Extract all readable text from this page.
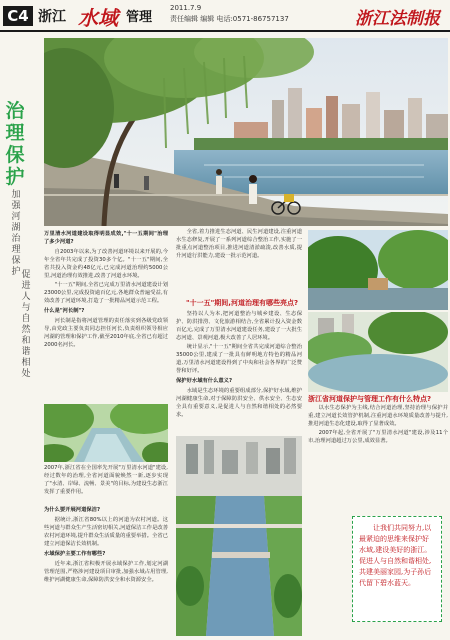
C4 浙江 水域 管理
2011.7.9
责任编辑 编辑 电话:0571-86757137	浙江法制报
治理保护
加强河湖治理保护 促进人与自然和谐相处

万里清水河道建设取得明显成效,"十一五期间"治理了多少河道?

自2003年以来,为了改善河道环境以来开展的,今年全省年共完成了投资30多个亿。"十一五"期间,全省共投入资金约48亿元,已完成河道治理约5000公里,河道治理有效推进,改善了河道水环境。

"十一五"期间,全省已完成万里清水河道建设计划23000公里,完成投资逾百亿元,各地群众普遍受益,有效改善了河道环境,打造了一批精品河道示范工程。

什么是"河长制"?

河长制是指将河道管理的责任落实到各级党政领导,由党政主要负责同志担任河长,负责组织领导相应河湖的管理和保护工作,截至2010年底,全省已有超过2000名河长。

2007年,浙江省在全国率先开展"万里清水河道"建设,经过数年的治理,全省河道面貌焕然一新,逐步实现了"水清、岸绿、流畅、景美"的目标,为建设生态浙江发挥了重要作用。

为什么要开展河道保洁?

据统计,浙江省80%以上的河道为农村河道。这些河道与群众生产生活密切相关,河道保洁工作是改善农村河道环境,提升群众生活质量的重要举措。全省已建立河道保洁长效机制。

水域保护主要工作有哪些?

近年来,浙江省积极开展水域保护工作,划定河湖管理范围,严格涉河建设项目审批,加强水域占用管理,维护河湖健康生命,保障防洪安全和水资源安全。

全省,着力推进生态河道、民生河道建设,注重河道水生态修复,开展了一系列河道综合整治工作,实施了一批重点河道整治项目,推进河道清淤疏浚,改善水质,提升河道行洪能力,建设一批示范河道。

"十一五"期间,河道治理有哪些亮点?

坚持以人为本,把河道整治与城乡建设、生态保护、防洪排涝、文化旅游相结合,全省累计投入资金数百亿元,完成了万里清水河道建设任务,建设了一大批生态河道、景观河道,极大改善了人居环境。

统计显示,"十一五"期间全省共完成河道综合整治35000公里,建成了一批具有鲜明地方特色的精品河道,万里清水河道建设得到了中央和社会各界的广泛赞誉和好评。

保护好水域有什么意义?

水域是生态环境的重要组成部分,保护好水域,维护河湖健康生命,对于保障防洪安全、供水安全、生态安全具有重要意义,是促进人与自然和谐相处的必然要求。

浙江省河道保护与管理工作有什么特点?

以水生态保护为主线,结合河道治理,坚持治理与保护并重,建立河道长效管护机制,注重河道水环境质量改善与提升,推进河道生态化建设,取得了显著成效。

2007年起,全省开展了"万里清水河道"建设,涉及11个市,治理河道超过万公里,成效显著。

让我们共同努力,以最紧迫的思维来保护好水域,建设美好的浙江。促进人与自然和谐相处,共建美丽家园,为子孙后代留下碧水蓝天。
